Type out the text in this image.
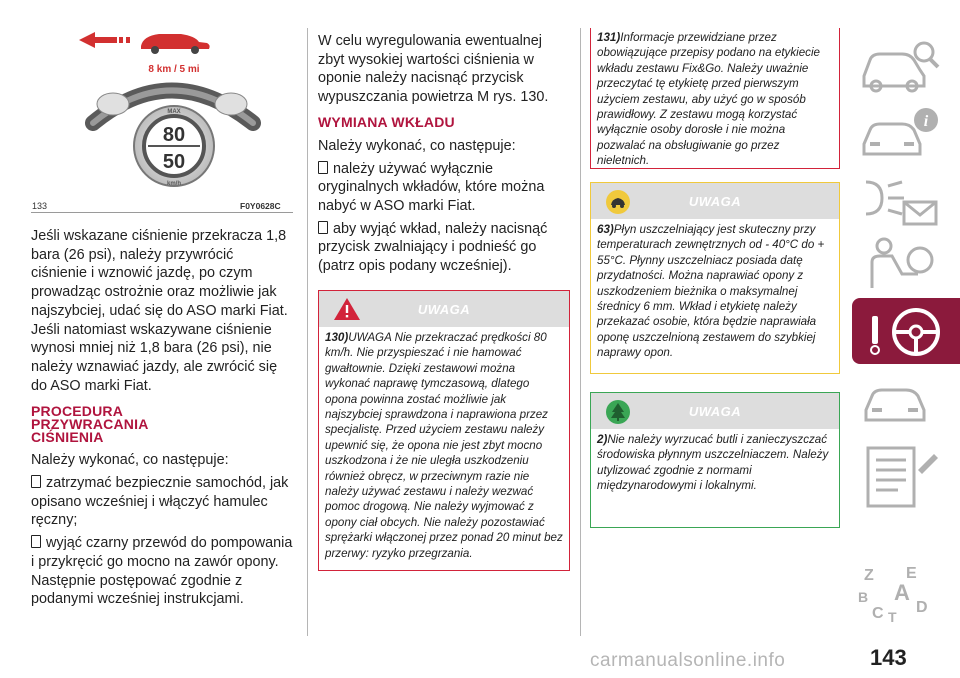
8 km / 5 mi
MAX
80
50
km/h
133	F0Y0628C

Jeśli wskazane ciśnienie przekracza 1,8 bara (26 psi), należy przywrócić ciśnienie i wznowić jazdę, po czym prowadząc ostrożnie oraz możliwie jak najszybciej, udać się do ASO marki Fiat. Jeśli natomiast wskazywane ciśnienie wynosi mniej niż 1,8 bara (26 psi), nie należy wznawiać jazdy, ale zwrócić się do ASO marki Fiat.

PROCEDURA

PRZYWRACANIA

CIŚNIENIA

Należy wykonać, co następuje:

zatrzymać bezpiecznie samochód, jak opisano wcześniej i włączyć hamulec ręczny;

wyjąć czarny przewód do pompowania i przykręcić go mocno na zawór opony. Następnie postępować zgodnie z podanymi wcześniej instrukcjami.

W celu wyregulowania ewentualnej zbyt wysokiej wartości ciśnienia w oponie należy nacisnąć przycisk wypuszczania powietrza M rys. 130.

WYMIANA WKŁADU

Należy wykonać, co następuje:

należy używać wyłącznie oryginalnych wkładów, które można nabyć w ASO marki Fiat.

aby wyjąć wkład, należy nacisnąć przycisk zwalniający i podnieść go (patrz opis podany wcześniej).

UWAGA
130)UWAGA Nie przekraczać prędkości 80 km/h. Nie przyspieszać i nie hamować gwałtownie. Dzięki zestawowi można wykonać naprawę tymczasową, dlatego opona powinna zostać możliwie jak najszybciej sprawdzona i naprawiona przez specjalistę. Przed użyciem zestawu należy upewnić się, że opona nie jest zbyt mocno uszkodzona i że nie uległa uszkodzeniu również obręcz, w przeciwnym razie nie należy używać zestawu i należy wezwać pomoc drogową. Nie należy wyjmować z opony ciał obcych. Nie należy pozostawiać sprężarki włączonej przez ponad 20 minut bez przerwy: ryzyko przegrzania.
131)Informacje przewidziane przez obowiązujące przepisy podano na etykiecie wkładu zestawu Fix&Go. Należy uważnie przeczytać tę etykietę przed pierwszym użyciem zestawu, aby użyć go w sposób prawidłowy. Z zestawu mogą korzystać wyłącznie osoby dorosłe i nie można pozwalać na obsługiwanie go przez nieletnich.
UWAGA
63)Płyn uszczelniający jest skuteczny przy temperaturach zewnętrznych od - 40°C do + 55°C. Płynny uszczelniacz posiada datę przydatności. Można naprawiać opony z uszkodzeniem bieżnika o maksymalnej średnicy 6 mm. Wkład i etykietę należy przekazać osobie, która będzie naprawiała oponę uszczelnioną zestawem do szybkiej naprawy opon.
UWAGA
2)Nie należy wyrzucać butli i zanieczyszczać środowiska płynnym uszczelniaczem. Należy utylizować zgodnie z normami międzynarodowymi i lokalnymi.
i
Z E
A
B
C T
D
carmanualsonline.info	143
